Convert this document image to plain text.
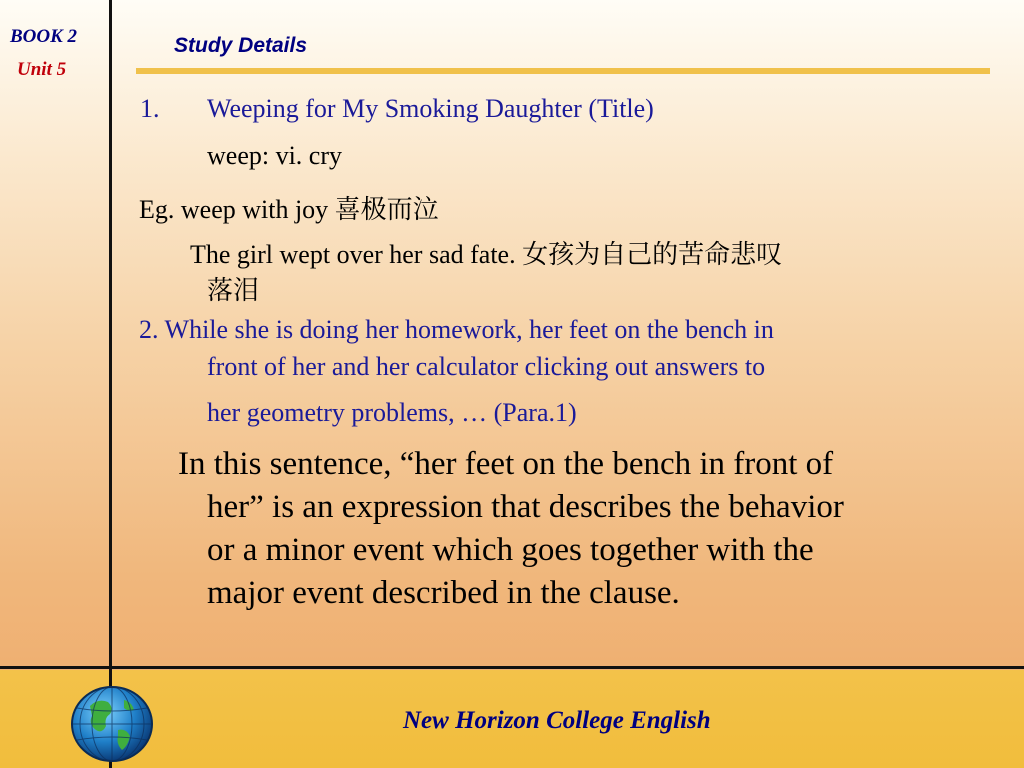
BOOK 2
Unit 5
Study Details
1. Weeping for My Smoking Daughter (Title)
weep: vi. cry
Eg. weep with joy 喜极而泣
The girl wept over her sad fate. 女孩为自己的苦命悲叹
落泪
2. While she is doing her homework, her feet on the bench in
front of her and her calculator clicking out answers to
her geometry problems, … (Para.1)
In this sentence, “her feet on the bench in front of
her” is an expression that describes the behavior
or a minor event which goes together with the
major event described in the clause.
New Horizon College English
